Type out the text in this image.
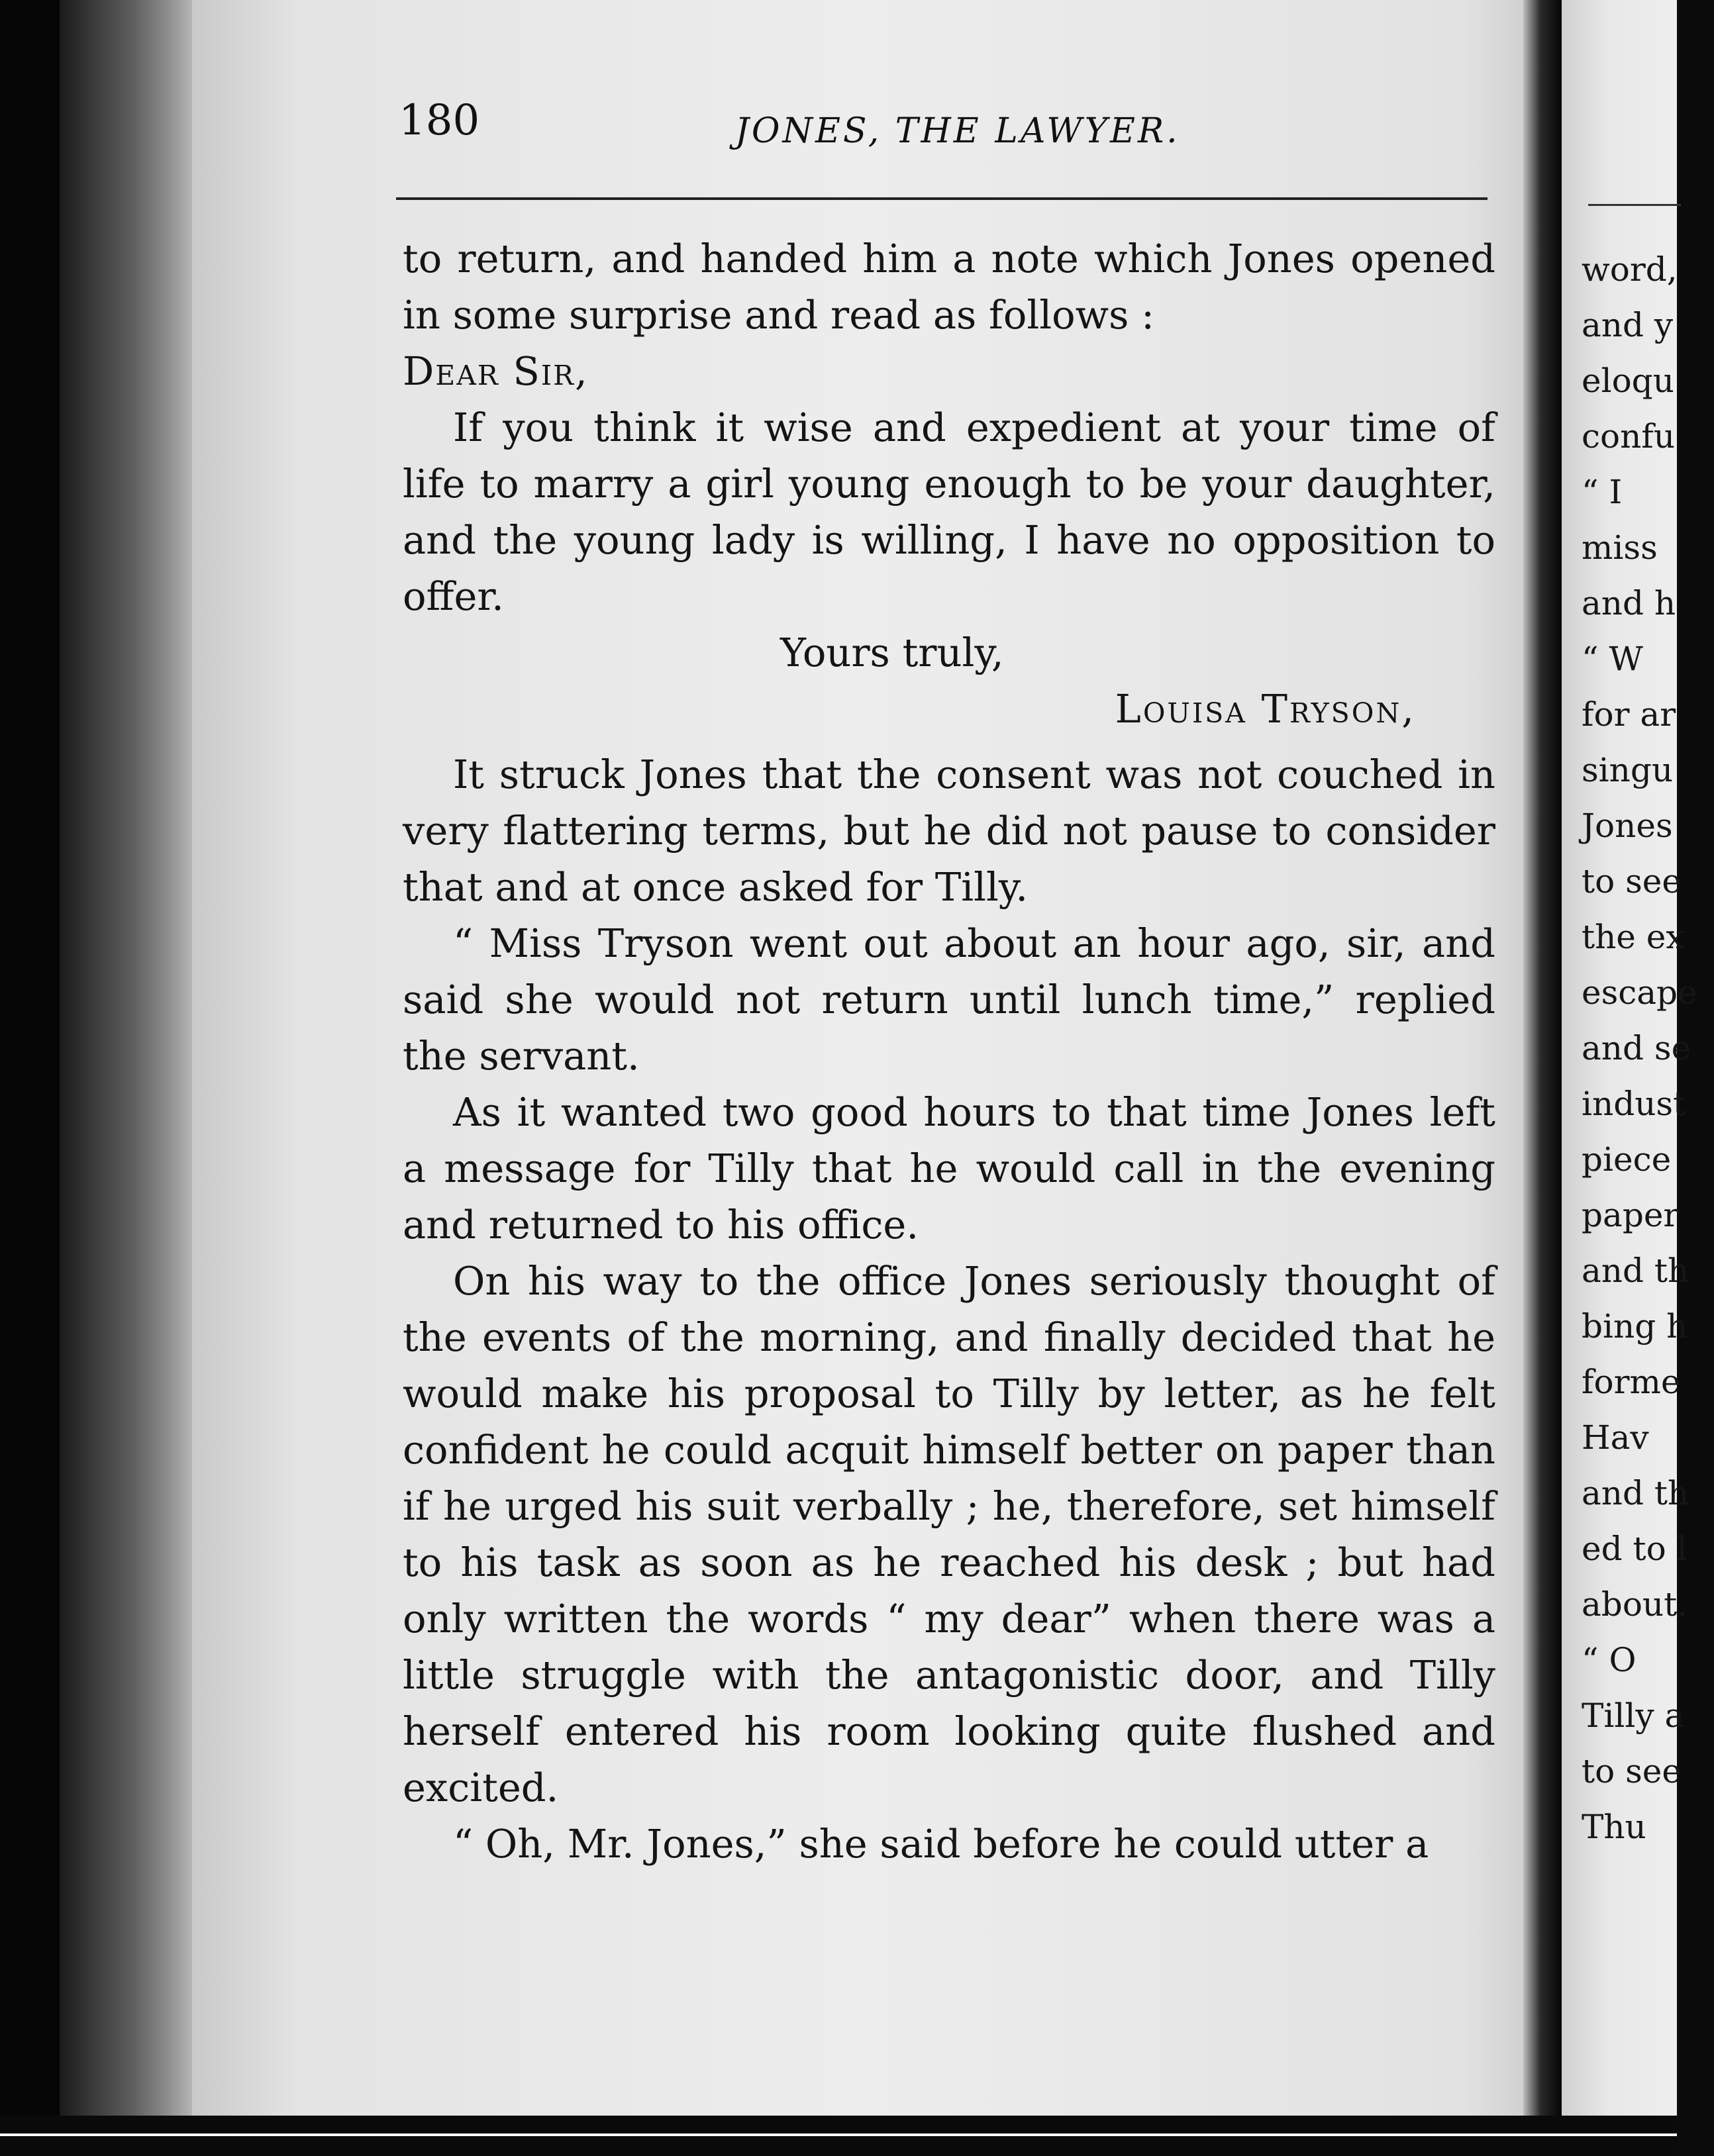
180	JONES, THE LAWYER.

to return, and handed him a note which Jones opened in some surprise and read as follows :

Dear Sir,

If you think it wise and expedient at your time of life to marry a girl young enough to be your daughter, and the young lady is willing, I have no opposition to offer.

Yours truly,

Louisa Tryson,

It struck Jones that the consent was not couched in very flattering terms, but he did not pause to consider that and at once asked for Tilly.

“ Miss Tryson went out about an hour ago, sir, and said she would not return until lunch time,” replied the servant.

As it wanted two good hours to that time Jones left a message for Tilly that he would call in the evening and returned to his office.

On his way to the office Jones seriously thought of the events of the morning, and finally decided that he would make his proposal to Tilly by letter, as he felt confident he could acquit himself better on paper than if he urged his suit verbally ; he, therefore, set himself to his task as soon as he reached his desk ; but had only written the words “ my dear” when there was a little struggle with the antagonistic door, and Tilly herself entered his room looking quite flushed and excited.

“ Oh, Mr. Jones,” she said before he could utter a

word,
and y
eloqu
confu
“ I
miss
and h
“ W
for ar
singu
Jones
to see
the ex
escape
and se
indust
piece
paper
and th
bing h
forme
Hav
and th
ed to l
about.
“ O
Tilly a
to see
Thu
